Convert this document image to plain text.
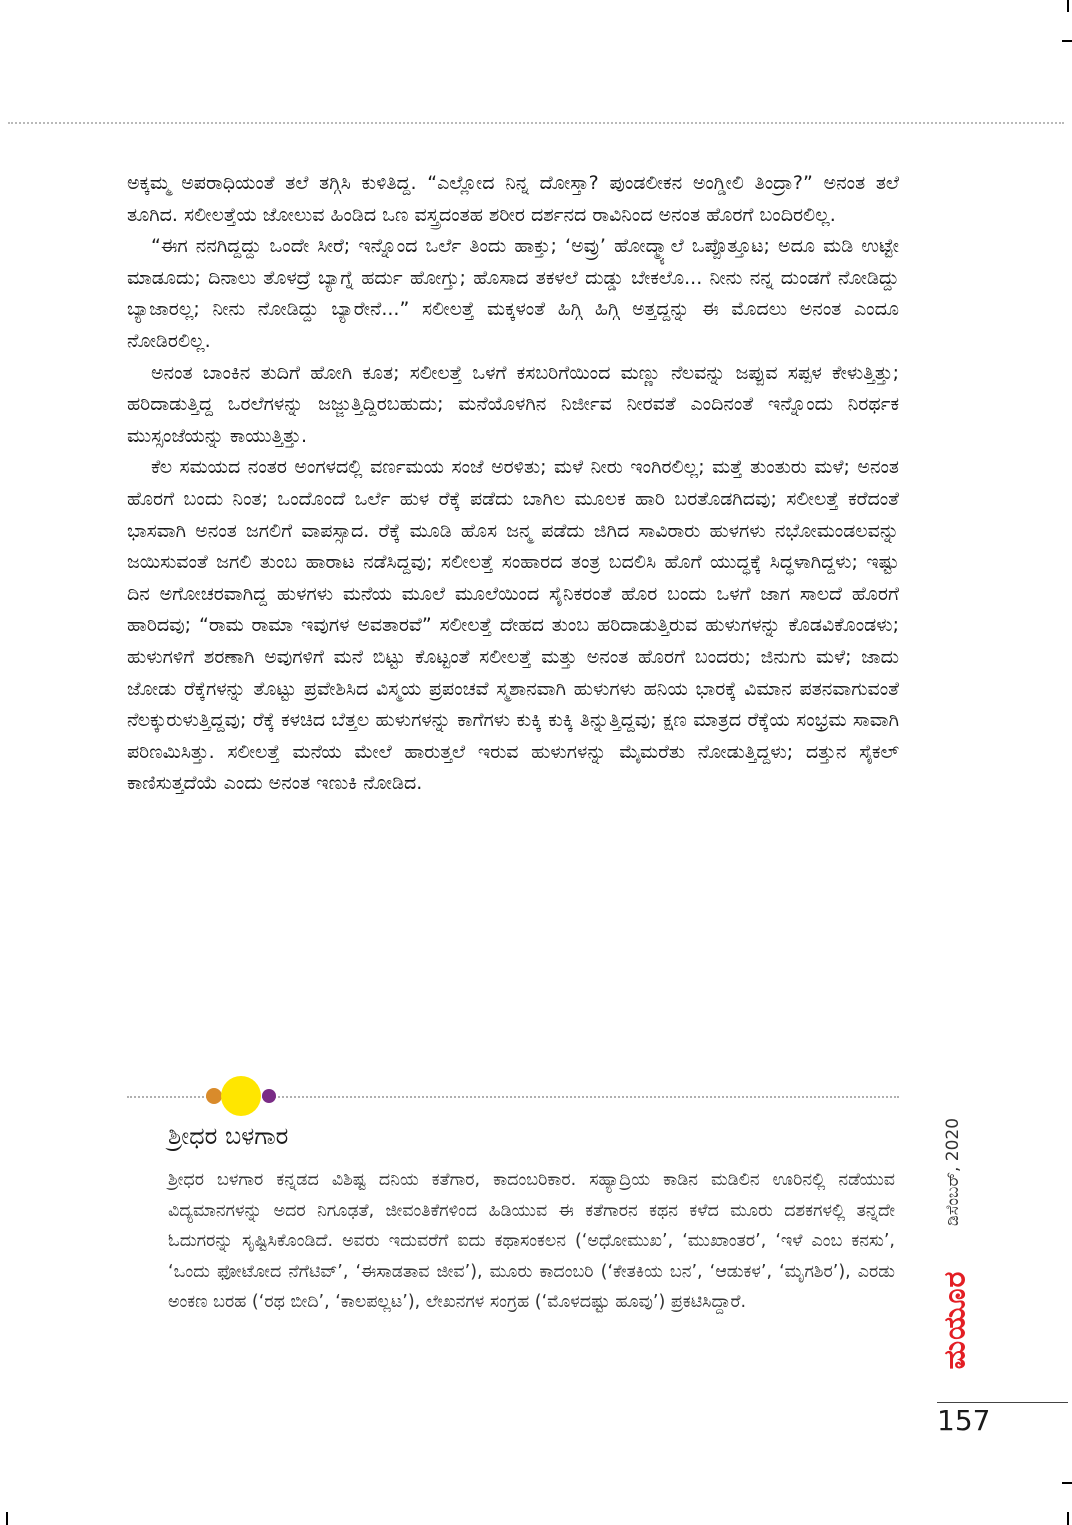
ಅಕ್ಕಮ್ಮ ಅಪರಾಧಿಯಂತೆ ತಲೆ ತಗ್ಗಿಸಿ ಕುಳಿತಿದ್ದ. “ಎಲ್ಲೋದ ನಿನ್ನ ದೋಸ್ತಾ? ಪುಂಡಲೀಕನ ಅಂಗ್ಡೀಲಿ ತಿಂದ್ರಾ?” ಅನಂತ ತಲೆ ತೂಗಿದ. ಸಲೀಲತ್ತೆಯ ಜೋಲುವ ಹಿಂಡಿದ ಒಣ ವಸ್ತ್ರದಂತಹ ಶರೀರ ದರ್ಶನದ ರಾವಿನಿಂದ ಅನಂತ ಹೊರಗೆ ಬಂದಿರಲಿಲ್ಲ.

“ಈಗ ನನಗಿದ್ದದ್ದು ಒಂದೇ ಸೀರೆ; ಇನ್ನೊಂದ ಒರ್ಲೆ ತಿಂದು ಹಾಕ್ತು; ‘ಅವ್ರು’ ಹೋದ್ಮ್ಯಾಲೆ ಒಪ್ಪೊತ್ತೂಟ; ಅದೂ ಮಡಿ ಉಟ್ಟೇ ಮಾಡೂದು; ದಿನಾಲು ತೊಳದ್ರೆ ಬ್ಯಾಗ್ನೆ ಹರ್ದು ಹೋಗ್ತು; ಹೊಸಾದ ತಕಳಲೆ ದುಡ್ಡು ಬೇಕಲೊ... ನೀನು ನನ್ನ ದುಂಡಗೆ ನೋಡಿದ್ದು ಬ್ಯಾಜಾರಲ್ಲ; ನೀನು ನೋಡಿದ್ದು ಬ್ಯಾರೇನೆ...” ಸಲೀಲತ್ತೆ ಮಕ್ಕಳಂತೆ ಹಿಗ್ಗಿ ಹಿಗ್ಗಿ ಅತ್ತದ್ದನ್ನು ಈ ಮೊದಲು ಅನಂತ ಎಂದೂ ನೋಡಿರಲಿಲ್ಲ.

ಅನಂತ ಬಾಂಕಿನ ತುದಿಗೆ ಹೋಗಿ ಕೂತ; ಸಲೀಲತ್ತೆ ಒಳಗೆ ಕಸಬರಿಗೆಯಿಂದ ಮಣ್ಣು ನೆಲವನ್ನು ಜಪ್ಪುವ ಸಪ್ಪಳ ಕೇಳುತ್ತಿತ್ತು; ಹರಿದಾಡುತ್ತಿದ್ದ ಒರಲೆಗಳನ್ನು ಜಜ್ಜುತ್ತಿದ್ದಿರಬಹುದು; ಮನೆಯೊಳಗಿನ ನಿರ್ಜೀವ ನೀರವತೆ ಎಂದಿನಂತೆ ಇನ್ನೊಂದು ನಿರರ್ಥಕ ಮುಸ್ಸಂಜೆಯನ್ನು ಕಾಯುತ್ತಿತ್ತು.

ಕೆಲ ಸಮಯದ ನಂತರ ಅಂಗಳದಲ್ಲಿ ವರ್ಣಮಯ ಸಂಜೆ ಅರಳಿತು; ಮಳೆ ನೀರು ಇಂಗಿರಲಿಲ್ಲ; ಮತ್ತೆ ತುಂತುರು ಮಳೆ; ಅನಂತ ಹೊರಗೆ ಬಂದು ನಿಂತ; ಒಂದೊಂದೆ ಒರ್ಲೆ ಹುಳ ರೆಕ್ಕೆ ಪಡೆದು ಬಾಗಿಲ ಮೂಲಕ ಹಾರಿ ಬರತೊಡಗಿದವು; ಸಲೀಲತ್ತೆ ಕರೆದಂತೆ ಭಾಸವಾಗಿ ಅನಂತ ಜಗಲಿಗೆ ವಾಪಸ್ಸಾದ. ರೆಕ್ಕೆ ಮೂಡಿ ಹೊಸ ಜನ್ಮ ಪಡೆದು ಜಿಗಿದ ಸಾವಿರಾರು ಹುಳಗಳು ನಭೋಮಂಡಲವನ್ನು ಜಯಿಸುವಂತೆ ಜಗಲಿ ತುಂಬ ಹಾರಾಟ ನಡೆಸಿದ್ದವು; ಸಲೀಲತ್ತೆ ಸಂಹಾರದ ತಂತ್ರ ಬದಲಿಸಿ ಹೊಗೆ ಯುದ್ಧಕ್ಕೆ ಸಿದ್ಧಳಾಗಿದ್ದಳು; ಇಷ್ಟು ದಿನ ಅಗೋಚರವಾಗಿದ್ದ ಹುಳಗಳು ಮನೆಯ ಮೂಲೆ ಮೂಲೆಯಿಂದ ಸೈನಿಕರಂತೆ ಹೊರ ಬಂದು ಒಳಗೆ ಜಾಗ ಸಾಲದೆ ಹೊರಗೆ ಹಾರಿದವು; “ರಾಮ ರಾಮಾ ಇವುಗಳ ಅವತಾರವೆ” ಸಲೀಲತ್ತೆ ದೇಹದ ತುಂಬ ಹರಿದಾಡುತ್ತಿರುವ ಹುಳುಗಳನ್ನು ಕೊಡವಿಕೊಂಡಳು; ಹುಳುಗಳಿಗೆ ಶರಣಾಗಿ ಅವುಗಳಿಗೆ ಮನೆ ಬಿಟ್ಟು ಕೊಟ್ಟಂತೆ ಸಲೀಲತ್ತೆ ಮತ್ತು ಅನಂತ ಹೊರಗೆ ಬಂದರು; ಜಿನುಗು ಮಳೆ; ಜಾದು ಜೋಡು ರೆಕ್ಕೆಗಳನ್ನು ತೊಟ್ಟು ಪ್ರವೇಶಿಸಿದ ವಿಸ್ಮಯ ಪ್ರಪಂಚವೆ ಸ್ಮಶಾನವಾಗಿ ಹುಳುಗಳು ಹನಿಯ ಭಾರಕ್ಕೆ ವಿಮಾನ ಪತನವಾಗುವಂತೆ ನೆಲಕ್ಕುರುಳುತ್ತಿದ್ದವು; ರೆಕ್ಕೆ ಕಳಚಿದ ಬೆತ್ತಲ ಹುಳುಗಳನ್ನು ಕಾಗೆಗಳು ಕುಕ್ಕಿ ಕುಕ್ಕಿ ತಿನ್ನುತ್ತಿದ್ದವು; ಕ್ಷಣ ಮಾತ್ರದ ರೆಕ್ಕೆಯ ಸಂಭ್ರಮ ಸಾವಾಗಿ ಪರಿಣಮಿಸಿತ್ತು. ಸಲೀಲತ್ತೆ ಮನೆಯ ಮೇಲೆ ಹಾರುತ್ತಲೆ ಇರುವ ಹುಳುಗಳನ್ನು ಮೈಮರೆತು ನೋಡುತ್ತಿದ್ದಳು; ದತ್ತುನ ಸೈಕಲ್ ಕಾಣಿಸುತ್ತದೆಯೆ ಎಂದು ಅನಂತ ಇಣುಕಿ ನೋಡಿದ.

ಶ್ರೀಧರ ಬಳಗಾರ

ಶ್ರೀಧರ ಬಳಗಾರ ಕನ್ನಡದ ವಿಶಿಷ್ಟ ದನಿಯ ಕತೆಗಾರ, ಕಾದಂಬರಿಕಾರ. ಸಹ್ಯಾದ್ರಿಯ ಕಾಡಿನ ಮಡಿಲಿನ ಊರಿನಲ್ಲಿ ನಡೆಯುವ ವಿದ್ಯಮಾನಗಳನ್ನು ಅದರ ನಿಗೂಢತೆ, ಜೀವಂತಿಕೆಗಳಿಂದ ಹಿಡಿಯುವ ಈ ಕತೆಗಾರನ ಕಥನ ಕಳೆದ ಮೂರು ದಶಕಗಳಲ್ಲಿ ತನ್ನದೇ ಓದುಗರನ್ನು ಸೃಷ್ಟಿಸಿಕೊಂಡಿದೆ. ಅವರು ಇದುವರೆಗೆ ಐದು ಕಥಾಸಂಕಲನ (‘ಅಧೋಮುಖ’, ‘ಮುಖಾಂತರ’, ‘ಇಳೆ ಎಂಬ ಕನಸು’, ‘ಒಂದು ಫೋಟೋದ ನೆಗೆಟಿವ್’, ‘ಈಸಾಡತಾವ ಜೀವ’), ಮೂರು ಕಾದಂಬರಿ (‘ಕೇತಕಿಯ ಬನ’, ‘ಆಡುಕಳ’, ‘ಮೃಗಶಿರ’), ಎರಡು ಅಂಕಣ ಬರಹ (‘ರಥ ಬೀದಿ’, ‘ಕಾಲಪಲ್ಲಟ’), ಲೇಖನಗಳ ಸಂಗ್ರಹ (‘ಮೊಳದಷ್ಟು ಹೂವು’) ಪ್ರಕಟಿಸಿದ್ದಾರೆ.

ಡಿಸೆಂಬರ್, 2020
ಮಯೂರ
157
